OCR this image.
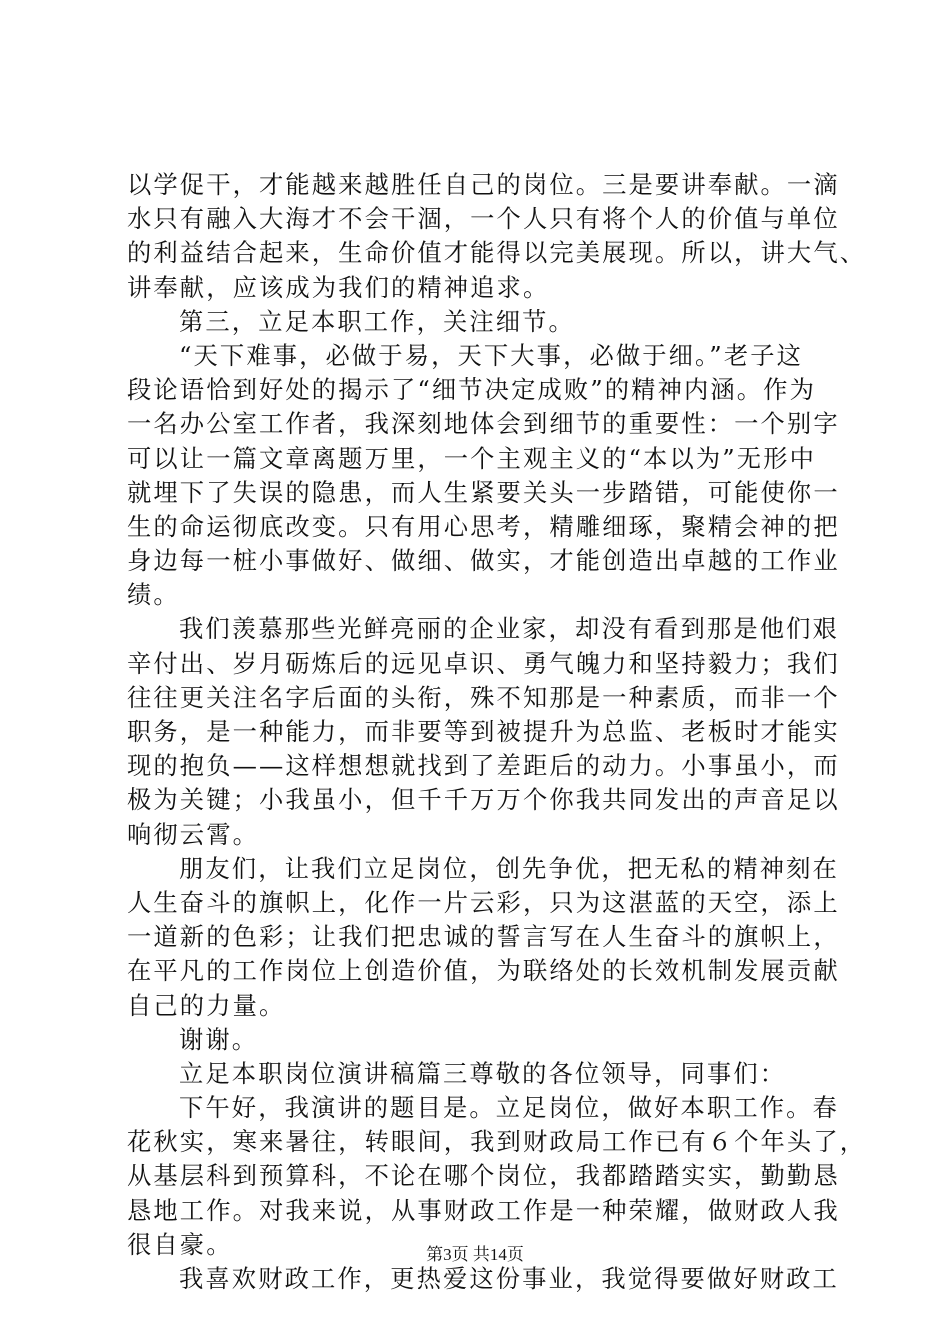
以学促干，才能越来越胜任自己的岗位。三是要讲奉献。一滴
水只有融入大海才不会干涸，一个人只有将个人的价值与单位
的利益结合起来，生命价值才能得以完美展现。所以，讲大气、
讲奉献，应该成为我们的精神追求。
第三，立足本职工作，关注细节。
“天下难事，必做于易，天下大事，必做于细。”老子这
段论语恰到好处的揭示了“细节决定成败”的精神内涵。作为
一名办公室工作者，我深刻地体会到细节的重要性：一个别字
可以让一篇文章离题万里，一个主观主义的“本以为”无形中
就埋下了失误的隐患，而人生紧要关头一步踏错，可能使你一
生的命运彻底改变。只有用心思考，精雕细琢，聚精会神的把
身边每一桩小事做好、做细、做实，才能创造出卓越的工作业
绩。
我们羡慕那些光鲜亮丽的企业家，却没有看到那是他们艰
辛付出、岁月砺炼后的远见卓识、勇气魄力和坚持毅力；我们
往往更关注名字后面的头衔，殊不知那是一种素质，而非一个
职务，是一种能力，而非要等到被提升为总监、老板时才能实
现的抱负——这样想想就找到了差距后的动力。小事虽小，而
极为关键；小我虽小，但千千万万个你我共同发出的声音足以
响彻云霄。
朋友们，让我们立足岗位，创先争优，把无私的精神刻在
人生奋斗的旗帜上，化作一片云彩，只为这湛蓝的天空，添上
一道新的色彩；让我们把忠诚的誓言写在人生奋斗的旗帜上，
在平凡的工作岗位上创造价值，为联络处的长效机制发展贡献
自己的力量。
谢谢。
立足本职岗位演讲稿篇三尊敬的各位领导，同事们：
下午好，我演讲的题目是。立足岗位，做好本职工作。春
花秋实，寒来暑往，转眼间，我到财政局工作已有６个年头了，
从基层科到预算科，不论在哪个岗位，我都踏踏实实，勤勤恳
恳地工作。对我来说，从事财政工作是一种荣耀，做财政人我
很自豪。
我喜欢财政工作，更热爱这份事业，我觉得要做好财政工
第3页 共14页
